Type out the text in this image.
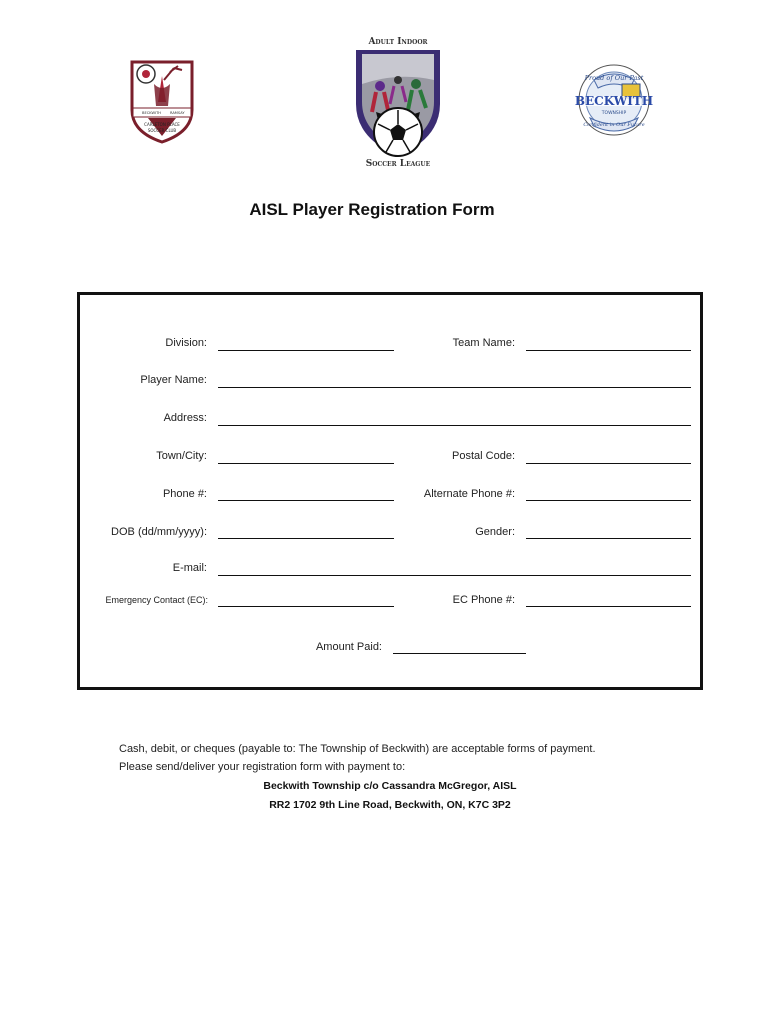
BECKWITH	RAMSAY
CARLETON PLACE
SOCCER CLUB
Adult Indoor
Soccer League
Proud of Our Past
BECKWITH
TOWNSHIP
Confident in Our Future
AISL Player Registration Form
Division:	Team Name:
Player Name:
Address:
Town/City:	Postal Code:
Phone #:	Alternate Phone #:
DOB (dd/mm/yyyy):	Gender:
E-mail:
Emergency Contact (EC):	EC Phone #:
Amount Paid:
Cash, debit, or cheques (payable to: The Township of Beckwith) are acceptable forms of payment.
Please send/deliver your registration form with payment to:
Beckwith Township c/o Cassandra McGregor, AISL
RR2 1702 9th Line Road, Beckwith, ON, K7C 3P2
